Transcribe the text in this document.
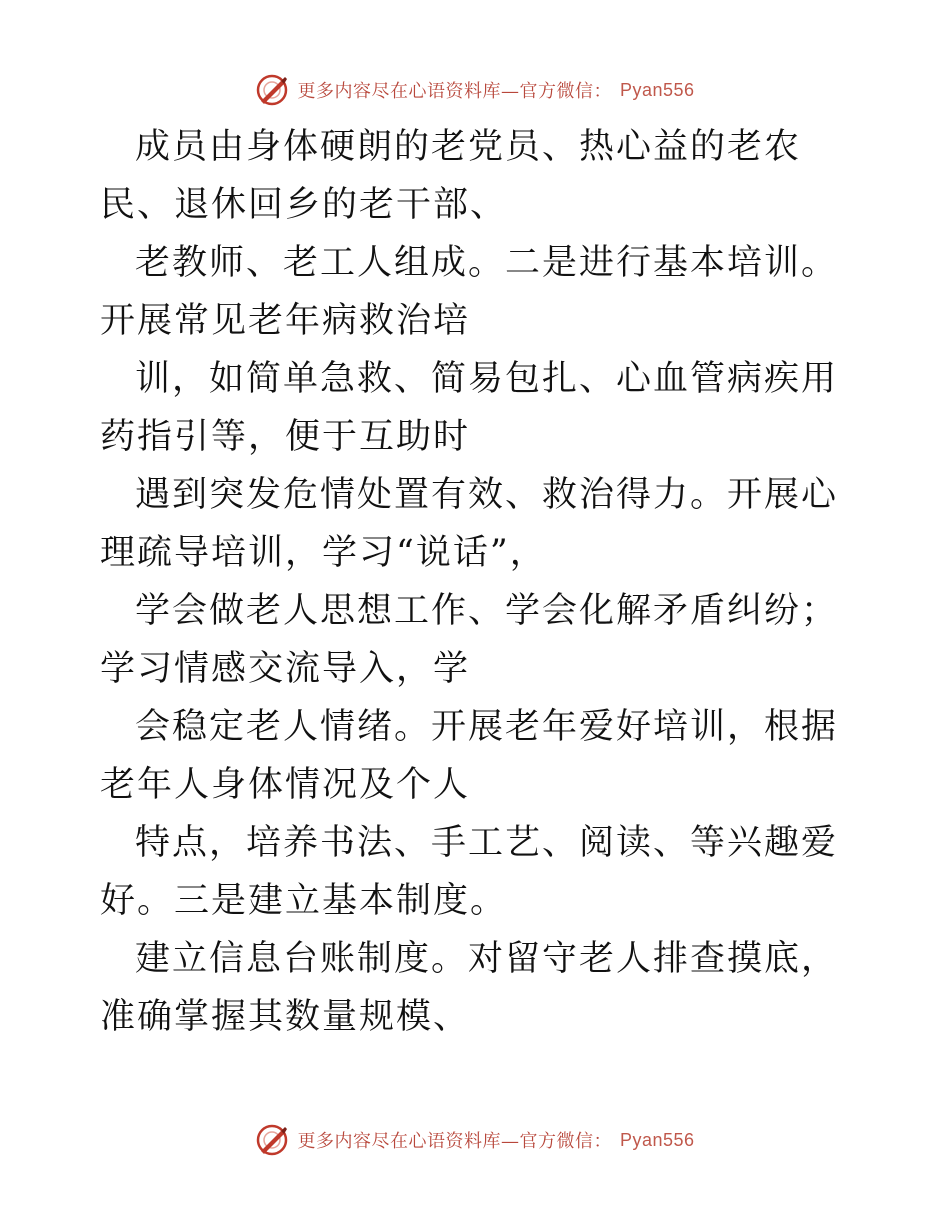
更多内容尽在心语资料库—官方微信： Pyan556

成员由身体硬朗的老党员、热心益的老农民、退休回乡的老干部、

老教师、老工人组成。二是进行基本培训。开展常见老年病救治培

训，如简单急救、简易包扎、心血管病疾用药指引等，便于互助时

遇到突发危情处置有效、救治得力。开展心理疏导培训，学习“说话”，

学会做老人思想工作、学会化解矛盾纠纷；学习情感交流导入，学

会稳定老人情绪。开展老年爱好培训，根据老年人身体情况及个人

特点，培养书法、手工艺、阅读、等兴趣爱好。三是建立基本制度。

建立信息台账制度。对留守老人排查摸底，准确掌握其数量规模、

更多内容尽在心语资料库—官方微信： Pyan556
